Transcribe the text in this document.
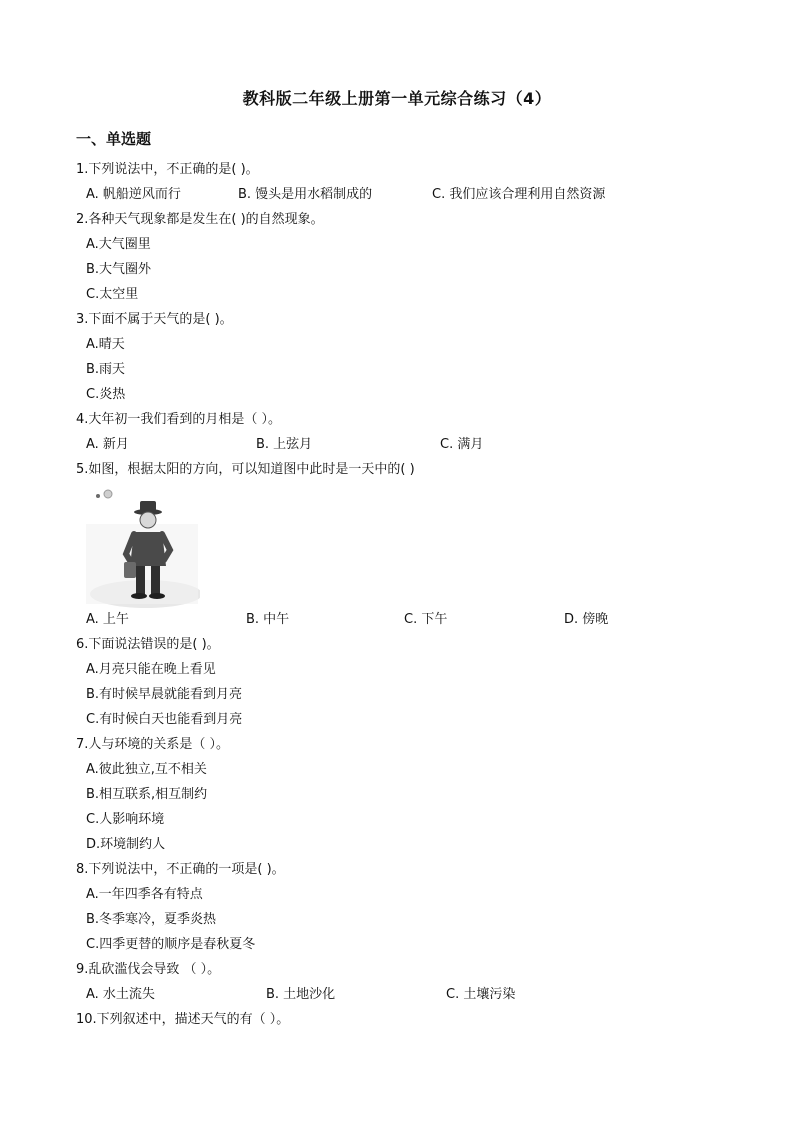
教科版二年级上册第一单元综合练习（4）
一、单选题
1.下列说法中，不正确的是( )。
A. 帆船逆风而行	B. 馒头是用水稻制成的	C. 我们应该合理利用自然资源
2.各种天气现象都是发生在( )的自然现象。
A.大气圈里
B.大气圈外
C.太空里
3.下面不属于天气的是( )。
A.晴天
B.雨天
C.炎热
4.大年初一我们看到的月相是（ ）。
A. 新月	B. 上弦月	C. 满月
5.如图，根据太阳的方向，可以知道图中此时是一天中的( )
A. 上午	B. 中午	C. 下午	D. 傍晚
6.下面说法错误的是( )。
A.月亮只能在晚上看见
B.有时候早晨就能看到月亮
C.有时候白天也能看到月亮
7.人与环境的关系是（ ）。
A.彼此独立,互不相关
B.相互联系,相互制约
C.人影响环境
D.环境制约人
8.下列说法中，不正确的一项是( )。
A.一年四季各有特点
B.冬季寒冷，夏季炎热
C.四季更替的顺序是春秋夏冬
9.乱砍滥伐会导致 （ ）。
A. 水土流失	B. 土地沙化	C. 土壤污染
10.下列叙述中，描述天气的有（ ）。
